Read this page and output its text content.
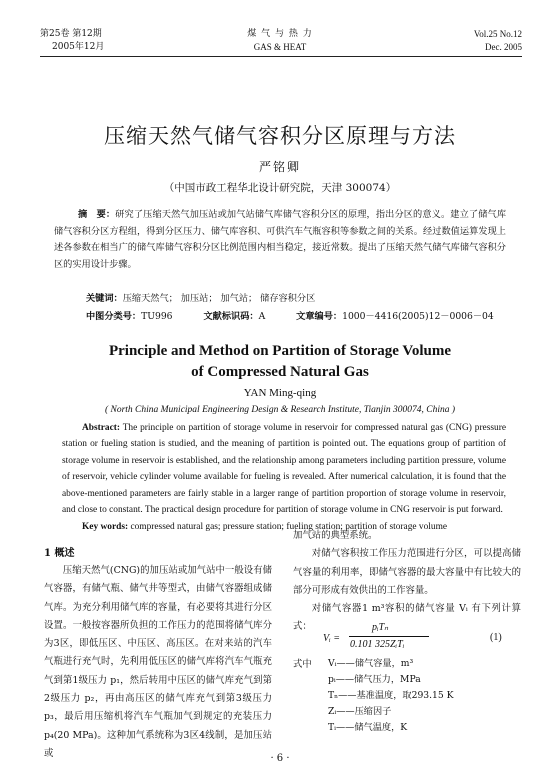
第25卷 第12期
2005年12月
煤 气 与 热 力
GAS & HEAT
Vol.25 No.12
Dec. 2005
压缩天然气储气容积分区原理与方法
严铭卿
（中国市政工程华北设计研究院，天津 300074）
摘　要：研究了压缩天然气加压站或加气站储气库储气容积分区的原理，指出分区的意义。建立了储气库储气容积分区方程组，得到分区压力、储气库容积、可供汽车气瓶容积等参数之间的关系。经过数值运算发现上述各参数在相当广的储气库储气容积分区比例范围内相当稳定，接近常数。提出了压缩天然气储气库储气容积分区的实用设计步骤。
关键词：压缩天然气； 加压站； 加气站； 储存容积分区
中图分类号：TU996	文献标识码：A	文章编号：1000－4416(2005)12－0006－04
Principle and Method on Partition of Storage Volume
of Compressed Natural Gas
YAN Ming-qing
( North China Municipal Engineering Design & Research Institute, Tianjin 300074, China )
Abstract: The principle on partition of storage volume in reservoir for compressed natural gas (CNG) pressure station or fueling station is studied, and the meaning of partition is pointed out. The equations group of partition of storage volume in reservoir is established, and the relationship among parameters including partition pressure, volume of reservoir, vehicle cylinder volume available for fueling is revealed. After numerical calculation, it is found that the above-mentioned parameters are fairly stable in a larger range of partition proportion of storage volume in reservoir, and close to constant. The practical design procedure for partition of storage volume in CNG reservoir is put forward.
Key words: compressed natural gas; pressure station; fueling station; partition of storage volume
1 概述

压缩天然气(CNG)的加压站或加气站中一般设有储气容器，有储气瓶、储气井等型式，由储气容器组成储气库。为充分利用储气库的容量，有必要将其进行分区设置。一般按容器所负担的工作压力的范围将储气库分为3区，即低压区、中压区、高压区。在对来站的汽车气瓶进行充气时，先利用低压区的储气库将汽车气瓶充气到第1级压力 p₁，然后转用中压区的储气库充气到第2级压力 p₂，再由高压区的储气库充气到第3级压力 p₃，最后用压缩机将汽车气瓶加气到规定的充装压力 p₄(20 MPa)。这种加气系统称为3区4线制，是加压站或

加气站的典型系统。

对储气容积按工作压力范围进行分区，可以提高储气容量的利用率，即储气容器的最大容量中有比较大的部分可形成有效供出的工作容量。

对储气容器1 m³容积的储气容量 Vᵢ 有下列计算式：

Vᵢ =
pᵢTₙ
0.101 325ZᵢTᵢ
(1)
式中 Vᵢ——储气容量，m³
pᵢ——储气压力，MPa
Tₙ——基准温度，取293.15 K
Zᵢ——压缩因子
Tᵢ——储气温度，K
· 6 ·
